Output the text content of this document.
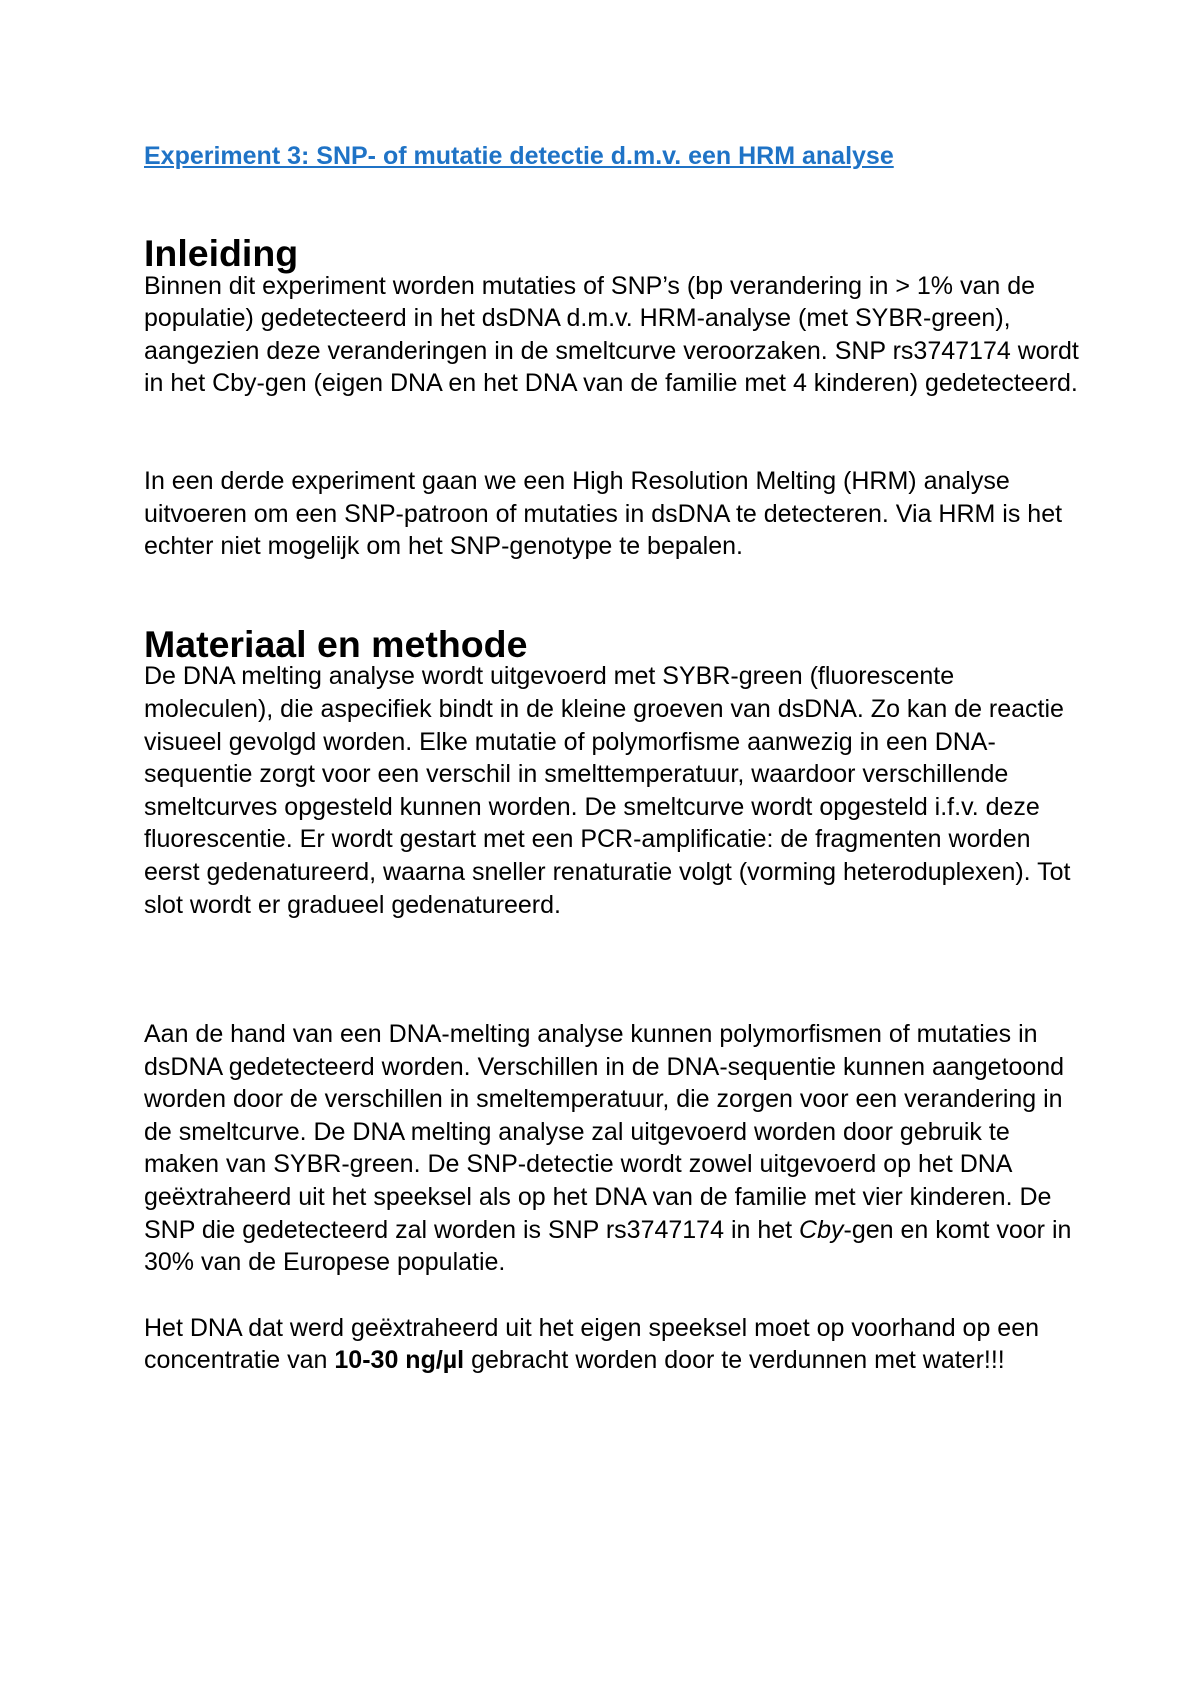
Experiment 3: SNP- of mutatie detectie d.m.v. een HRM analyse
Inleiding

Binnen dit experiment worden mutaties of SNP’s (bp verandering in > 1% van de populatie) gedetecteerd in het dsDNA d.m.v. HRM-analyse (met SYBR-green), aangezien deze veranderingen in de smeltcurve veroorzaken. SNP rs3747174 wordt in het Cby-gen (eigen DNA en het DNA van de familie met 4 kinderen) gedetecteerd.

In een derde experiment gaan we een High Resolution Melting (HRM) analyse uitvoeren om een SNP-patroon of mutaties in dsDNA te detecteren. Via HRM is het echter niet mogelijk om het SNP-genotype te bepalen.

Materiaal en methode

De DNA melting analyse wordt uitgevoerd met SYBR-green (fluorescente moleculen), die aspecifiek bindt in de kleine groeven van dsDNA. Zo kan de reactie visueel gevolgd worden. Elke mutatie of polymorfisme aanwezig in een DNA-sequentie zorgt voor een verschil in smelttemperatuur, waardoor verschillende smeltcurves opgesteld kunnen worden. De smeltcurve wordt opgesteld i.f.v. deze fluorescentie. Er wordt gestart met een PCR-amplificatie: de fragmenten worden eerst gedenatureerd, waarna sneller renaturatie volgt (vorming heteroduplexen). Tot slot wordt er gradueel gedenatureerd.

Aan de hand van een DNA-melting analyse kunnen polymorfismen of mutaties in dsDNA gedetecteerd worden. Verschillen in de DNA-sequentie kunnen aangetoond worden door de verschillen in smeltemperatuur, die zorgen voor een verandering in de smeltcurve. De DNA melting analyse zal uitgevoerd worden door gebruik te maken van SYBR-green. De SNP-detectie wordt zowel uitgevoerd op het DNA geëxtraheerd uit het speeksel als op het DNA van de familie met vier kinderen. De SNP die gedetecteerd zal worden is SNP rs3747174 in het Cby-gen en komt voor in 30% van de Europese populatie.

Het DNA dat werd geëxtraheerd uit het eigen speeksel moet op voorhand op een concentratie van 10-30 ng/µl gebracht worden door te verdunnen met water!!!
